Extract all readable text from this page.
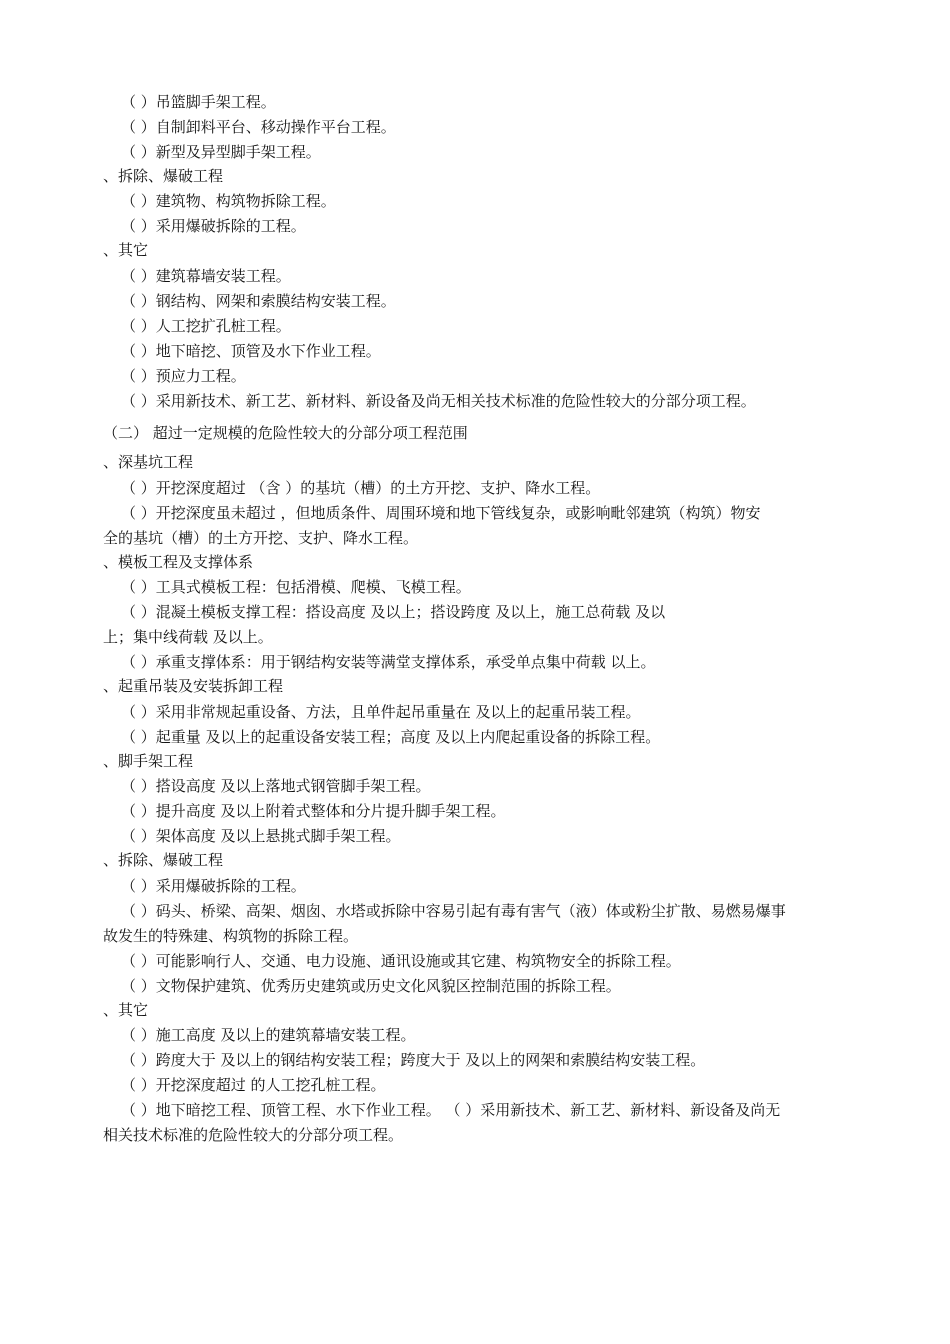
（ ）吊篮脚手架工程。
（ ）自制卸料平台、移动操作平台工程。
（ ）新型及异型脚手架工程。
、拆除、爆破工程
（ ）建筑物、构筑物拆除工程。
（ ）采用爆破拆除的工程。
、其它
（ ）建筑幕墙安装工程。
（ ）钢结构、网架和索膜结构安装工程。
（ ）人工挖扩孔桩工程。
（ ）地下暗挖、顶管及水下作业工程。
（ ）预应力工程。
（ ）采用新技术、新工艺、新材料、新设备及尚无相关技术标准的危险性较大的分部分项工程。
（二） 超过一定规模的危险性较大的分部分项工程范围
、深基坑工程
（ ）开挖深度超过 （含 ）的基坑（槽）的土方开挖、支护、降水工程。
（ ）开挖深度虽未超过 ，但地质条件、周围环境和地下管线复杂，或影响毗邻建筑（构筑）物安
全的基坑（槽）的土方开挖、支护、降水工程。
、模板工程及支撑体系
（ ）工具式模板工程：包括滑模、爬模、飞模工程。
（ ）混凝土模板支撑工程：搭设高度 及以上；搭设跨度 及以上，施工总荷载 及以
上；集中线荷载 及以上。
（ ）承重支撑体系：用于钢结构安装等满堂支撑体系，承受单点集中荷载 以上。
、起重吊装及安装拆卸工程
（ ）采用非常规起重设备、方法，且单件起吊重量在 及以上的起重吊装工程。
（ ）起重量 及以上的起重设备安装工程；高度 及以上内爬起重设备的拆除工程。
、脚手架工程
（ ）搭设高度 及以上落地式钢管脚手架工程。
（ ）提升高度 及以上附着式整体和分片提升脚手架工程。
（ ）架体高度 及以上悬挑式脚手架工程。
、拆除、爆破工程
（ ）采用爆破拆除的工程。
（ ）码头、桥梁、高架、烟囱、水塔或拆除中容易引起有毒有害气（液）体或粉尘扩散、易燃易爆事
故发生的特殊建、构筑物的拆除工程。
（ ）可能影响行人、交通、电力设施、通讯设施或其它建、构筑物安全的拆除工程。
（ ）文物保护建筑、优秀历史建筑或历史文化风貌区控制范围的拆除工程。
、其它
（ ）施工高度 及以上的建筑幕墙安装工程。
（ ）跨度大于 及以上的钢结构安装工程；跨度大于 及以上的网架和索膜结构安装工程。
（ ）开挖深度超过 的人工挖孔桩工程。
（ ）地下暗挖工程、顶管工程、水下作业工程。 （ ）采用新技术、新工艺、新材料、新设备及尚无
相关技术标准的危险性较大的分部分项工程。
